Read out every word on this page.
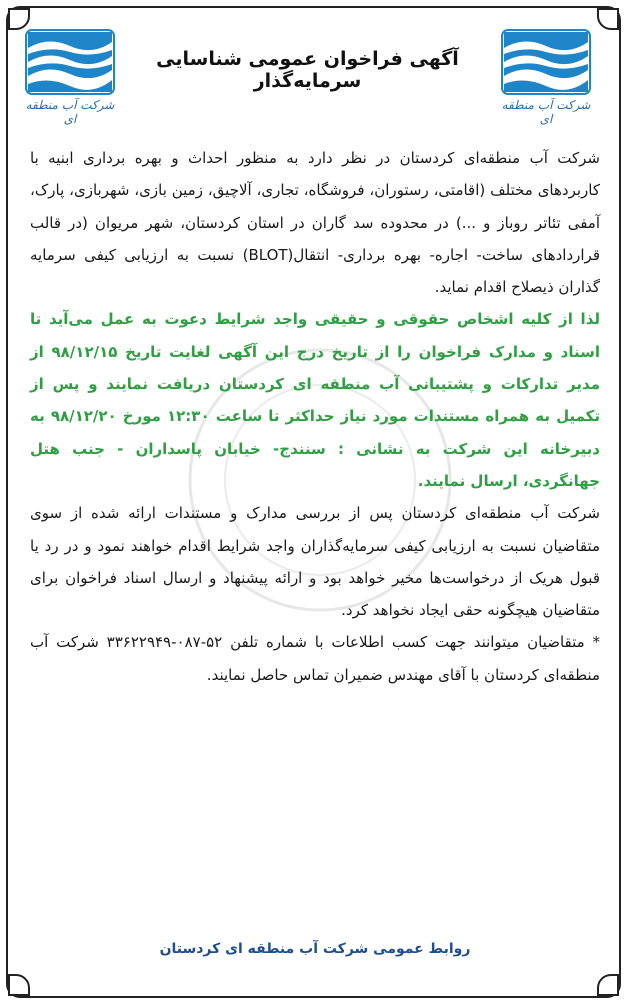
شرکت آب منطقه ای
آگهی فراخوان عمومی شناسایی سرمایه‌گذار
شرکت آب منطقه ای

شرکت آب منطقه‌ای کردستان در نظر دارد به منظور احداث و بهره برداری ابنیه با کاربردهای مختلف (اقامتی، رستوران، فروشگاه، تجاری، آلاچیق، زمین بازی، شهربازی، پارک، آمفی تئاتر روباز و ...) در محدوده سد گاران در استان کردستان، شهر مریوان (در قالب قراردادهای ساخت- اجاره- بهره برداری- انتقال(BLOT) نسبت به ارزیابی کیفی سرمایه گذاران ذیصلاح اقدام نماید.

لذا از کلیه اشخاص حقوقی و حقیقی واجد شرایط دعوت به عمل می‌آید تا اسناد و مدارک فراخوان را از تاریخ درج این آگهی لغایت تاریخ ۹۸/۱۲/۱۵ از مدیر تدارکات و پشتیبانی آب منطقه ای کردستان دریافت نمایند و پس از تکمیل به همراه مستندات مورد نیاز حداکثر تا ساعت ۱۲:۳۰ مورخ ۹۸/۱۲/۲۰ به دبیرخانه این شرکت به نشانی : سنندج- خیابان پاسداران - جنب هتل جهانگردی، ارسال نمایند.

شرکت آب منطقه‌ای کردستان پس از بررسی مدارک و مستندات ارائه شده از سوی متقاضیان نسبت به ارزیابی کیفی سرمایه‌گذاران واجد شرایط اقدام خواهند نمود و در رد یا قبول هریک از درخواست‌ها مخیر خواهد بود و ارائه پیشنهاد و ارسال اسناد فراخوان برای متقاضیان هیچگونه حقی ایجاد نخواهد کرد.

* متقاضیان میتوانند جهت کسب اطلاعات با شماره تلفن ۵۲-۰۸۷-۳۳۶۲۲۹۴۹ شرکت آب منطقه‌ای کردستان با آقای مهندس ضمیران تماس حاصل نمایند.

روابط عمومی شرکت آب منطقه ای کردستان
